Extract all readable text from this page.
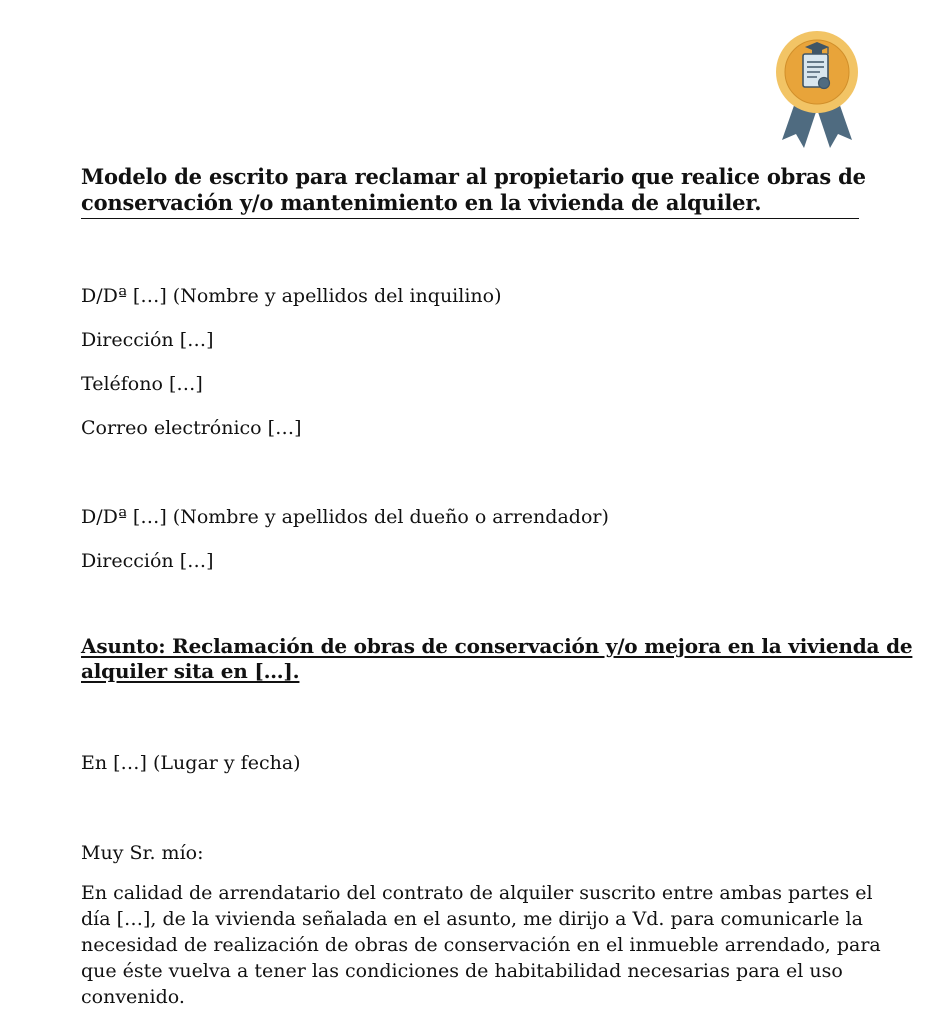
Modelo de escrito para reclamar al propietario que realice obras de
conservación y/o mantenimiento en la vivienda de alquiler.

D/Dª […] (Nombre y apellidos del inquilino)

Dirección […]

Teléfono […]

Correo electrónico […]

D/Dª […] (Nombre y apellidos del dueño o arrendador)

Dirección […]

Asunto: Reclamación de obras de conservación y/o mejora en la vivienda de
alquiler sita en […].

En […] (Lugar y fecha)

Muy Sr. mío:

En calidad de arrendatario del contrato de alquiler suscrito entre ambas partes el
día […], de la vivienda señalada en el asunto, me dirijo a Vd. para comunicarle la
necesidad de realización de obras de conservación en el inmueble arrendado, para
que éste vuelva a tener las condiciones de habitabilidad necesarias para el uso
convenido.
